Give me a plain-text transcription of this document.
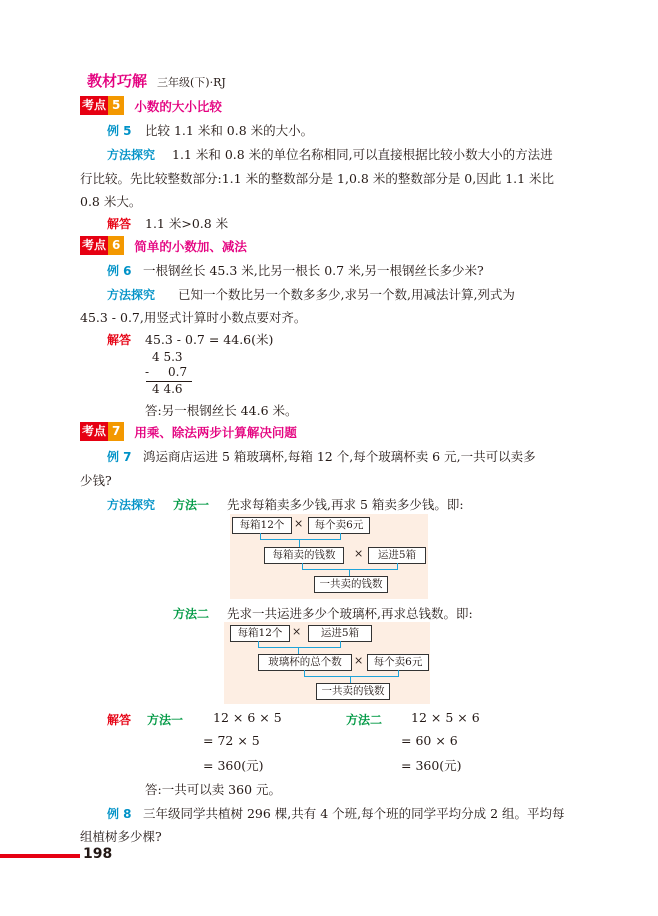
教材巧解 三年级(下)·RJ
考点 5	小数的大小比较
例 5 比较 1.1 米和 0.8 米的大小。
方法探究 1.1 米和 0.8 米的单位名称相同,可以直接根据比较小数大小的方法进
行比较。先比较整数部分:1.1 米的整数部分是 1,0.8 米的整数部分是 0,因此 1.1 米比
0.8 米大。
解答 1.1 米>0.8 米
考点 6	简单的小数加、减法
例 6 一根钢丝长 45.3 米,比另一根长 0.7 米,另一根钢丝长多少米?
方法探究 已知一个数比另一个数多多少,求另一个数,用减法计算,列式为
45.3 - 0.7,用竖式计算时小数点要对齐。
解答 45.3 - 0.7 = 44.6(米)
4 5.3
- 0.7
4 4.6
答:另一根钢丝长 44.6 米。
考点 7	用乘、除法两步计算解决问题
例 7 鸿运商店运进 5 箱玻璃杯,每箱 12 个,每个玻璃杯卖 6 元,一共可以卖多
少钱?
方法探究 方法一 先求每箱卖多少钱,再求 5 箱卖多少钱。即:
每箱12个 ×	每个卖6元
每箱卖的钱数	×	运进5箱
一共卖的钱数
方法二 先求一共运进多少个玻璃杯,再求总钱数。即:
每箱12个 ×	运进5箱
玻璃杯的总个数	× 每个卖6元
一共卖的钱数
解答 方法一 12 × 6 × 5
= 72 × 5
= 360(元)
方法二 12 × 5 × 6
= 60 × 6
= 360(元)
答:一共可以卖 360 元。
例 8 三年级同学共植树 296 棵,共有 4 个班,每个班的同学平均分成 2 组。平均每
组植树多少棵?
198
